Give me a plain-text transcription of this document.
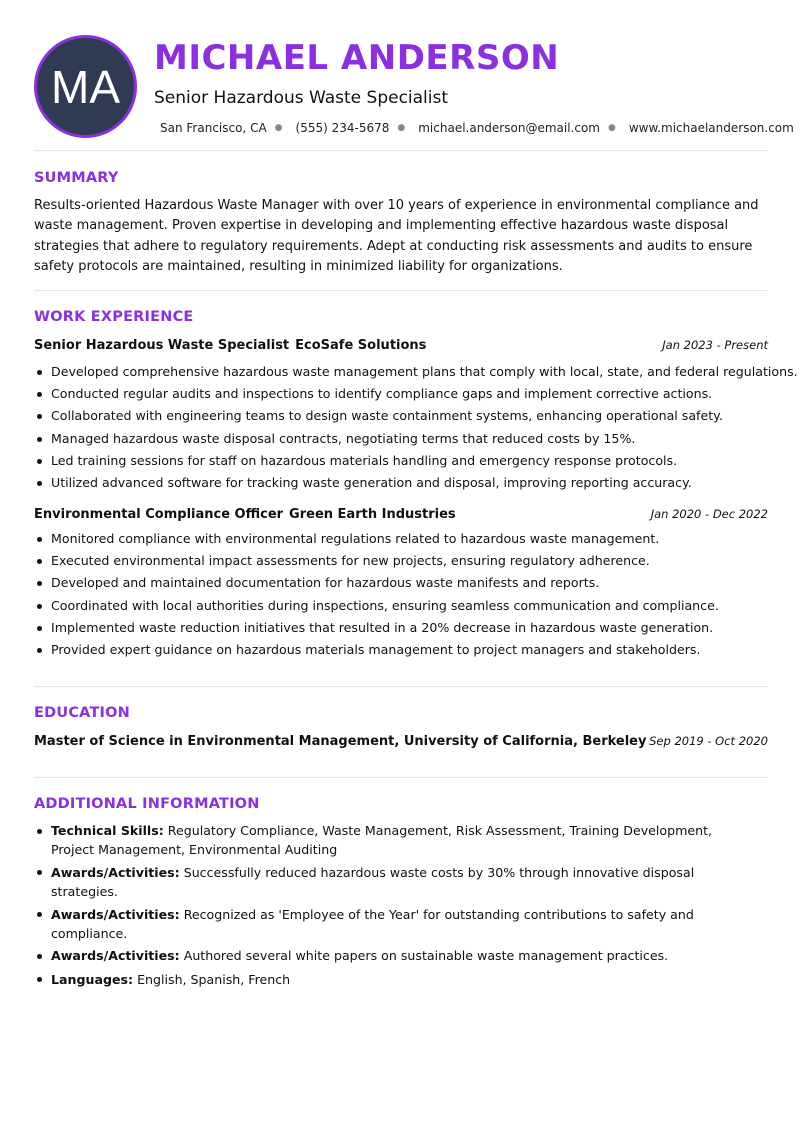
MA
MICHAEL ANDERSON
Senior Hazardous Waste Specialist
San Francisco, CA ● (555) 234-5678 ● michael.anderson@email.com ● www.michaelanderson.com
SUMMARY
Results-oriented Hazardous Waste Manager with over 10 years of experience in environmental compliance and waste management. Proven expertise in developing and implementing effective hazardous waste disposal strategies that adhere to regulatory requirements. Adept at conducting risk assessments and audits to ensure safety protocols are maintained, resulting in minimized liability for organizations.
WORK EXPERIENCE
Senior Hazardous Waste Specialist EcoSafe Solutions	Jan 2023 - Present
Developed comprehensive hazardous waste management plans that comply with local, state, and federal regulations.
Conducted regular audits and inspections to identify compliance gaps and implement corrective actions.
Collaborated with engineering teams to design waste containment systems, enhancing operational safety.
Managed hazardous waste disposal contracts, negotiating terms that reduced costs by 15%.
Led training sessions for staff on hazardous materials handling and emergency response protocols.
Utilized advanced software for tracking waste generation and disposal, improving reporting accuracy.
Environmental Compliance Officer Green Earth Industries	Jan 2020 - Dec 2022
Monitored compliance with environmental regulations related to hazardous waste management.
Executed environmental impact assessments for new projects, ensuring regulatory adherence.
Developed and maintained documentation for hazardous waste manifests and reports.
Coordinated with local authorities during inspections, ensuring seamless communication and compliance.
Implemented waste reduction initiatives that resulted in a 20% decrease in hazardous waste generation.
Provided expert guidance on hazardous materials management to project managers and stakeholders.
EDUCATION
Master of Science in Environmental Management, University of California, Berkeley Sep 2019 - Oct 2020
ADDITIONAL INFORMATION
Technical Skills: Regulatory Compliance, Waste Management, Risk Assessment, Training Development, Project Management, Environmental Auditing
Awards/Activities: Successfully reduced hazardous waste costs by 30% through innovative disposal strategies.
Awards/Activities: Recognized as 'Employee of the Year' for outstanding contributions to safety and compliance.
Awards/Activities: Authored several white papers on sustainable waste management practices.
Languages: English, Spanish, French
